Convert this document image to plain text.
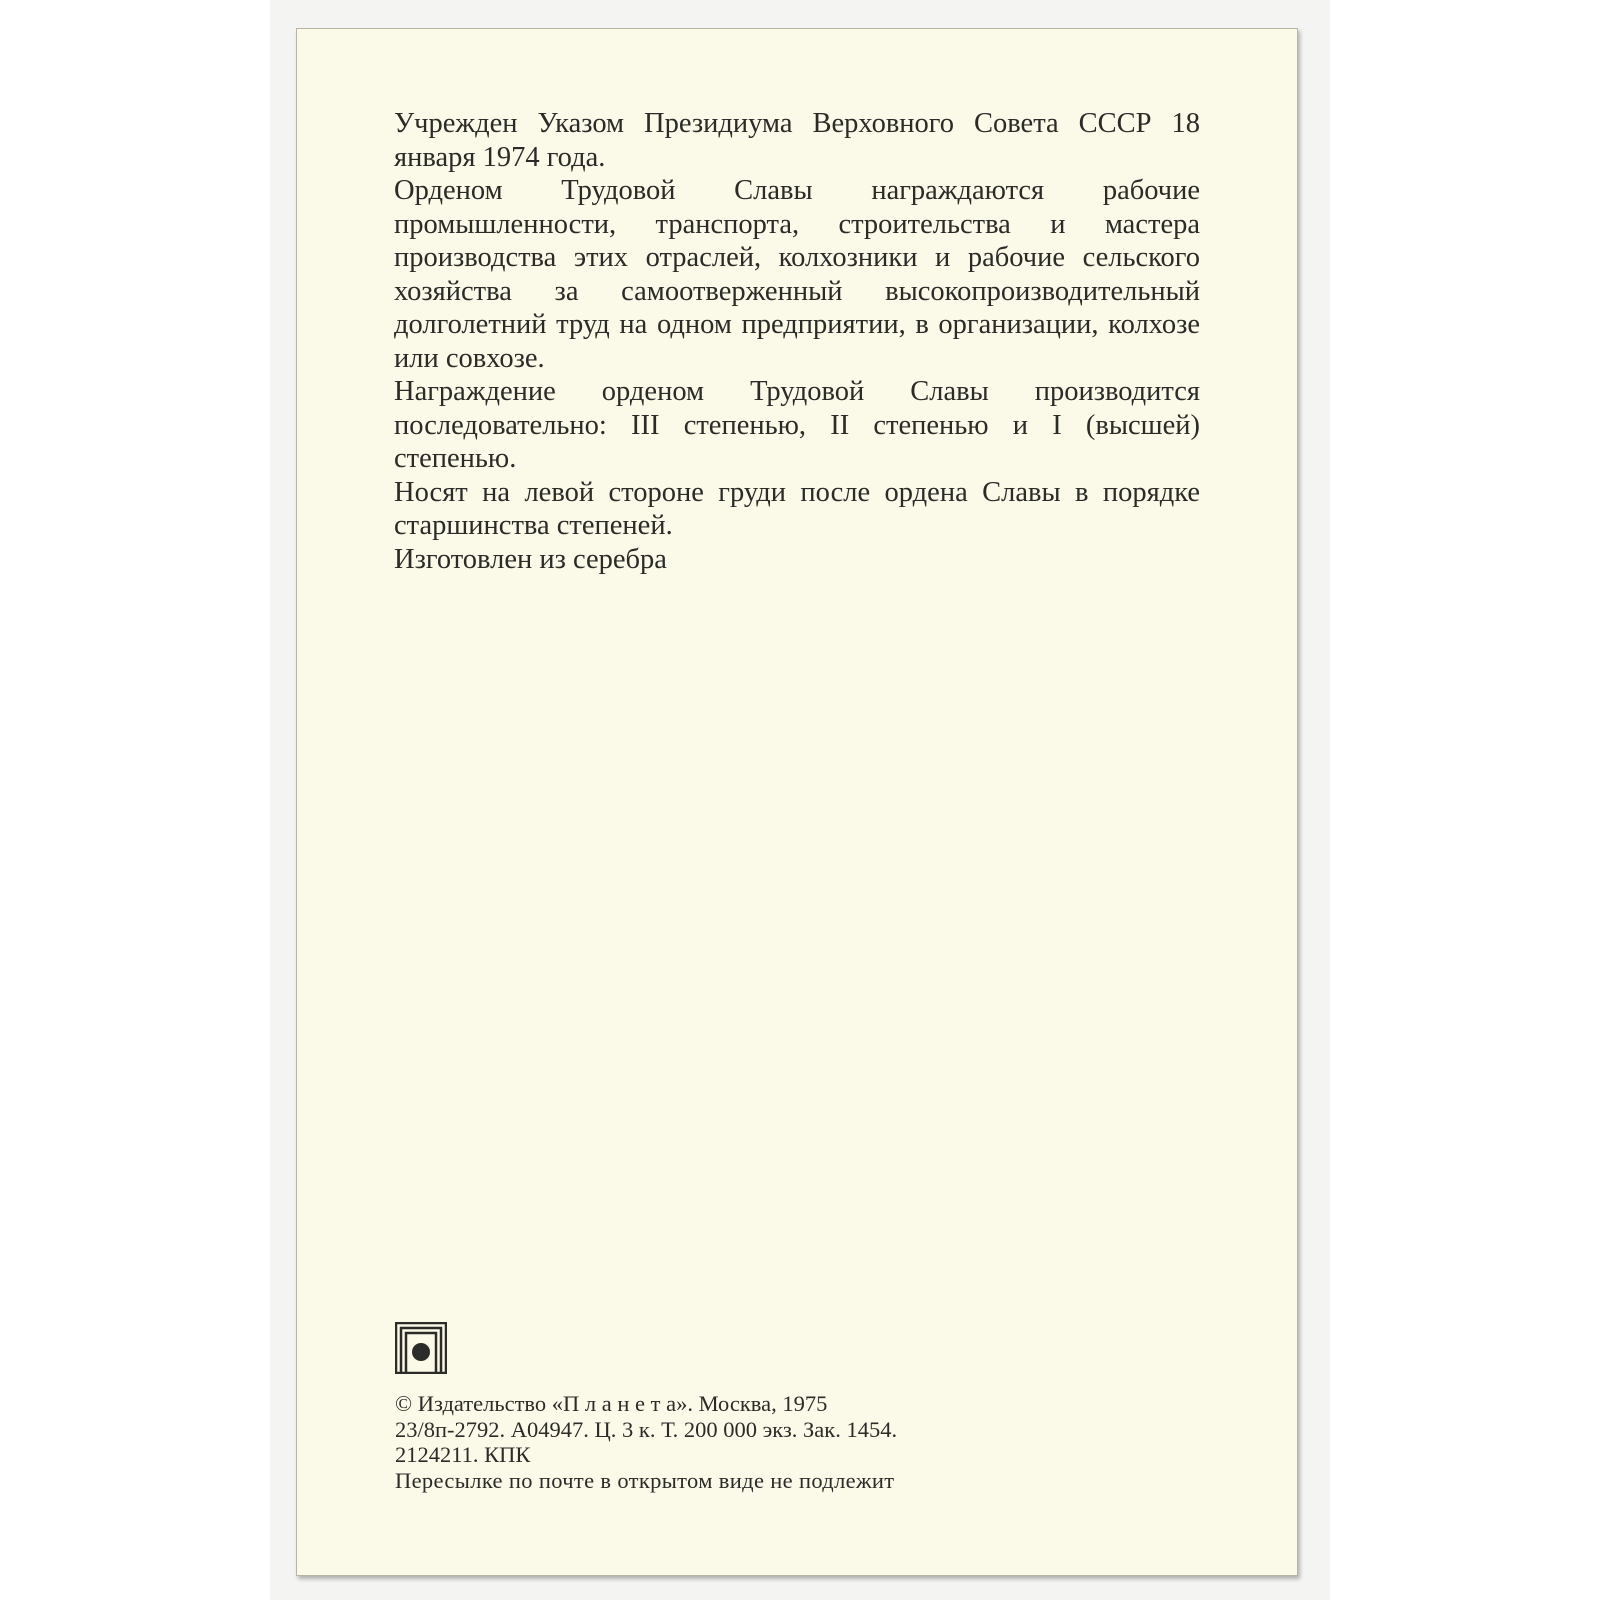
Учрежден Указом Президиума Верховного Совета СССР 18 января 1974 года.

Орденом Трудовой Славы награждаются рабочие промышленности, транспорта, строительства и мастера производства этих отраслей, колхозники и рабочие сельского хозяйства за самоотверженный высокопроизводительный долголетний труд на одном предприятии, в организации, колхозе или совхозе.

Награждение орденом Трудовой Славы производится последовательно: III степенью, II степенью и I (высшей) степенью.

Носят на левой стороне груди после ордена Славы в порядке старшинства степеней.

Изготовлен из серебра

© Издательство «П л а н е т а». Москва, 1975
23/8п-2792. А04947. Ц. 3 к. Т. 200 000 экз. Зак. 1454.
2124211. КПК
Пересылке по почте в открытом виде не подлежит
